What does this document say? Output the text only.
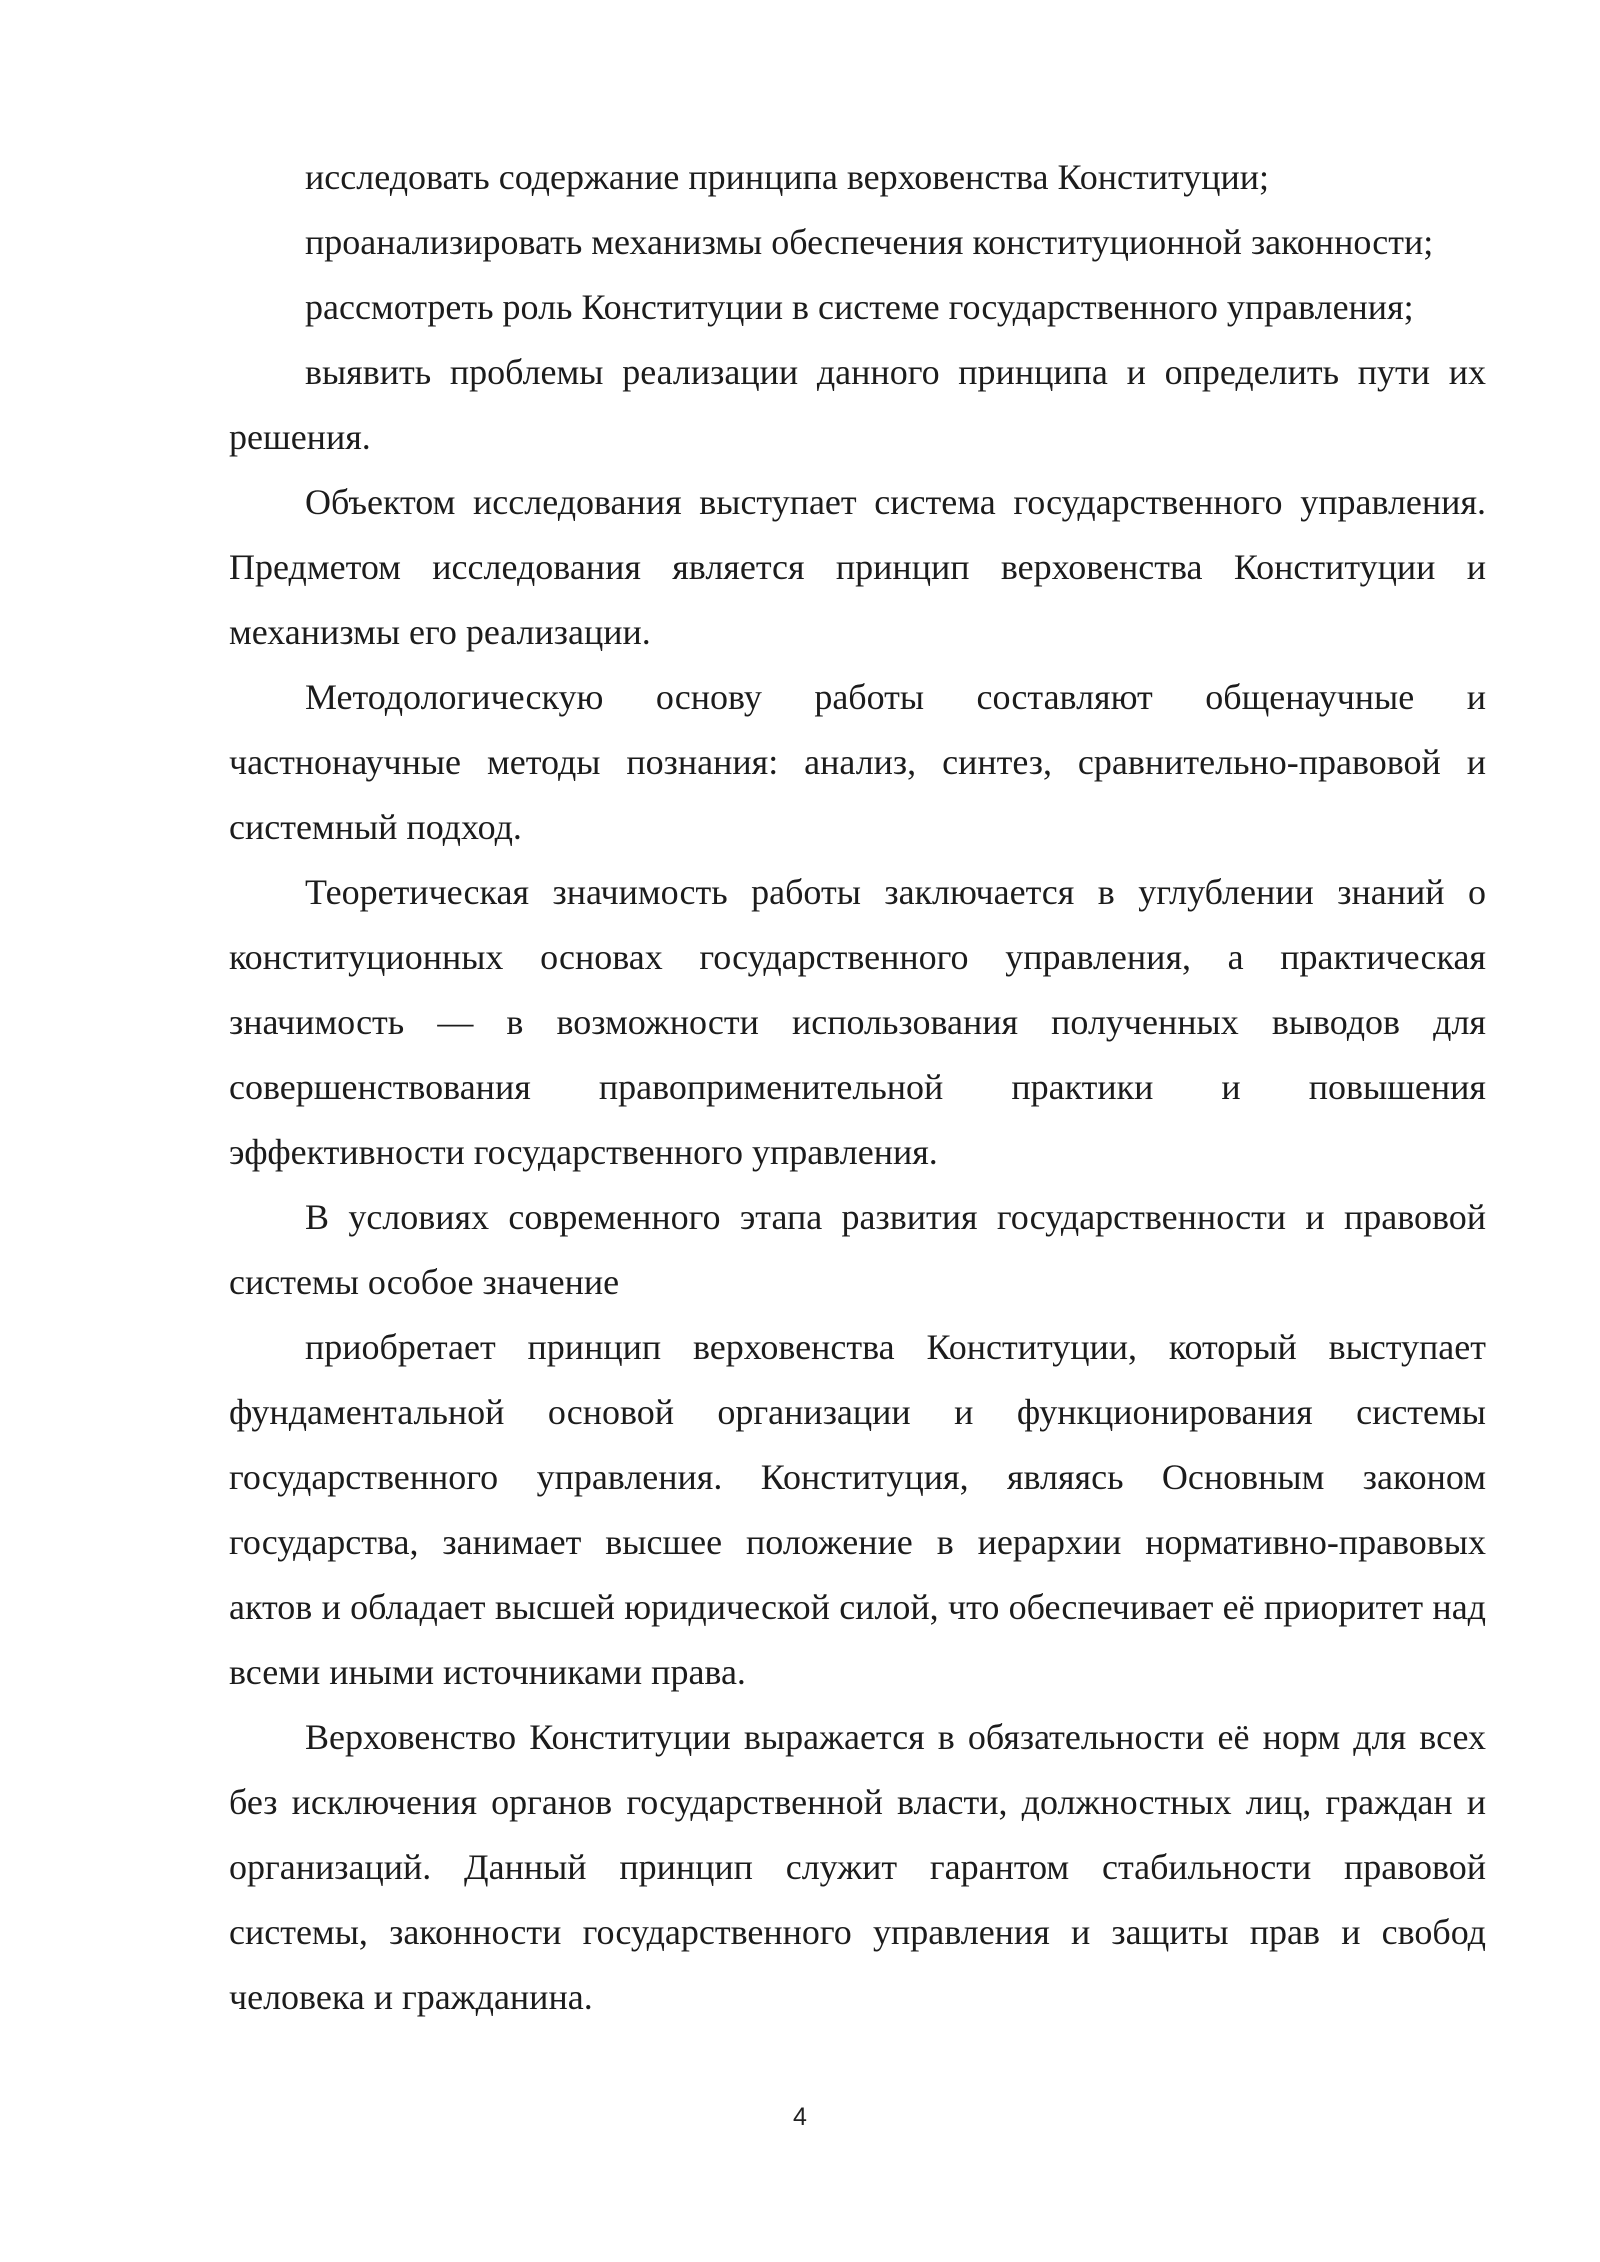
исследовать содержание принципа верховенства Конституции;

проанализировать механизмы обеспечения конституционной законности;

рассмотреть роль Конституции в системе государственного управления;

выявить проблемы реализации данного принципа и определить пути их решения.

Объектом исследования выступает система государственного управления. Предметом исследования является принцип верховенства Конституции и механизмы его реализации.

Методологическую основу работы составляют общенаучные и частнонаучные методы познания: анализ, синтез, сравнительно-правовой и системный подход.

Теоретическая значимость работы заключается в углублении знаний о конституционных основах государственного управления, а практическая значимость — в возможности использования полученных выводов для совершенствования правоприменительной практики и повышения эффективности государственного управления.

В условиях современного этапа развития государственности и правовой системы особое значение

приобретает принцип верховенства Конституции, который выступает фундаментальной основой организации и функционирования системы государственного управления. Конституция, являясь Основным законом государства, занимает высшее положение в иерархии нормативно-правовых актов и обладает высшей юридической силой, что обеспечивает её приоритет над всеми иными источниками права.

Верховенство Конституции выражается в обязательности её норм для всех без исключения органов государственной власти, должностных лиц, граждан и организаций. Данный принцип служит гарантом стабильности правовой системы, законности государственного управления и защиты прав и свобод человека и гражданина.

4
